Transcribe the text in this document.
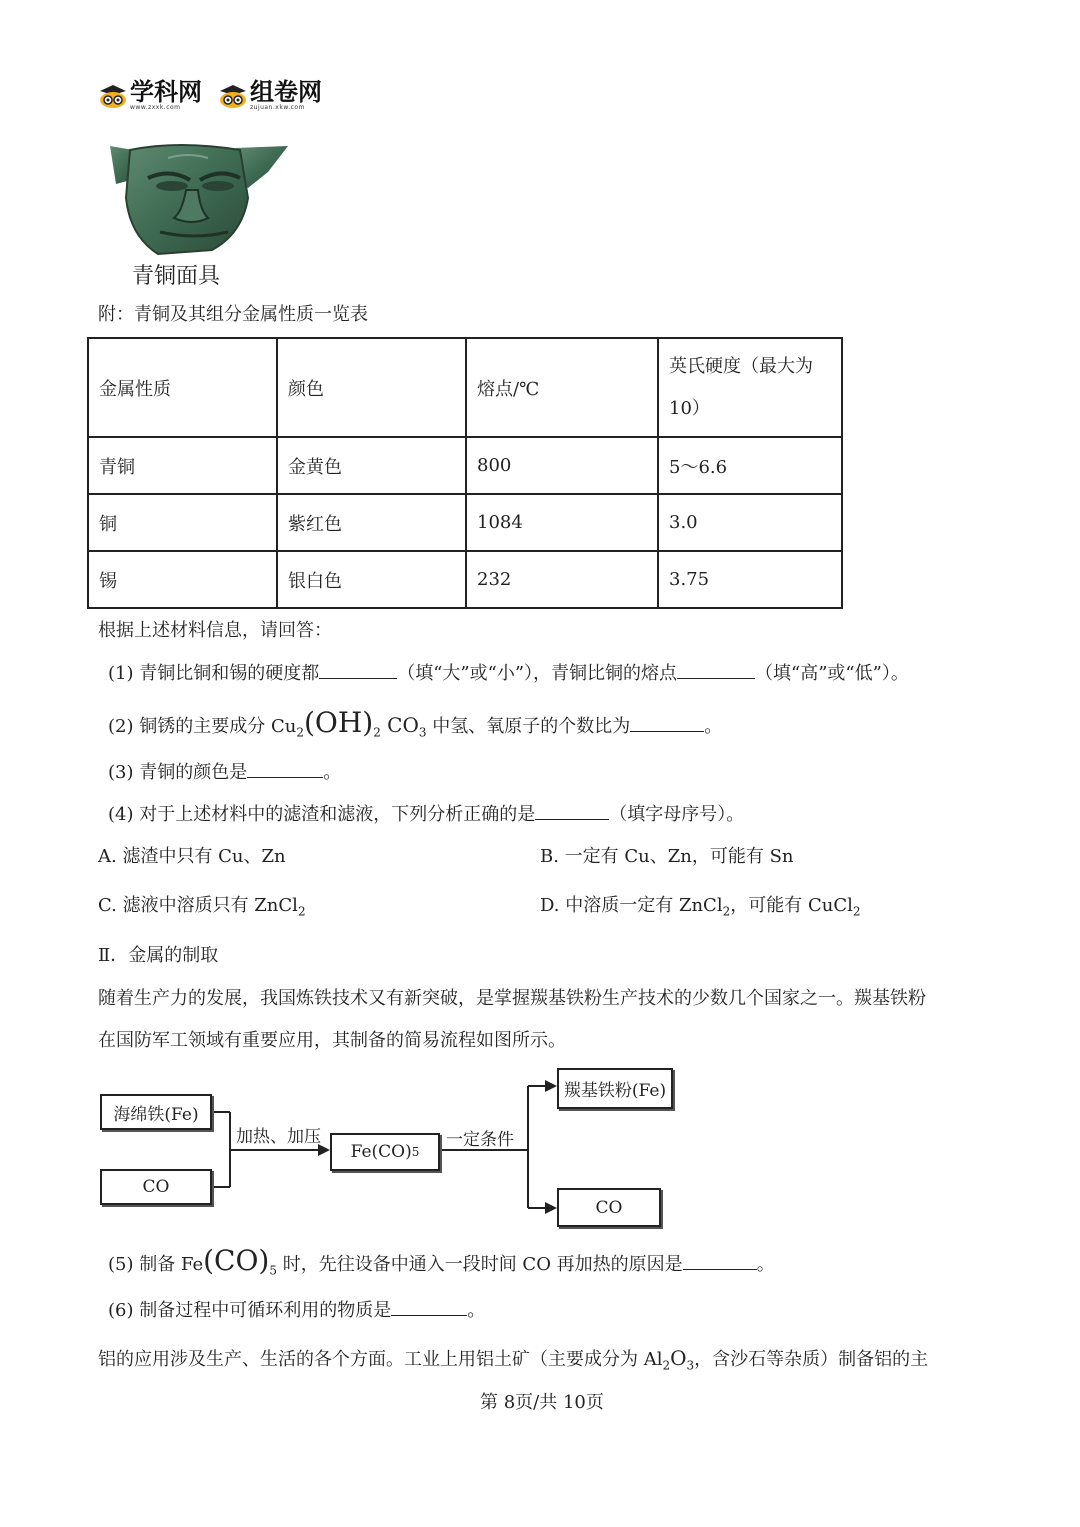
学科网
www.zxxk.com
组卷网
zujuan.xkw.com
青铜面具
附：青铜及其组分金属性质一览表
金属性质	颜色	熔点/℃	英氏硬度（最大为
10）

青铜	金黄色	800	5～6.6
铜	紫红色	1084	3.0
锡	银白色	232	3.75
根据上述材料信息，请回答：
(1) 青铜比铜和锡的硬度都	（填“大”或“小”），青铜比铜的熔点	（填“高”或“低”）。
(2) 铜锈的主要成分 $Cu_2(OH)_2$ $CO_3$ 中氢、氧原子的个数比为	。
(3) 青铜的颜色是	。
(4) 对于上述材料中的滤渣和滤液，下列分析正确的是	（填字母序号）。
A. 滤渣中只有 Cu、Zn	B. 一定有 Cu、Zn，可能有 Sn
C. 滤液中溶质只有 ZnCl$_2$	D. 中溶质一定有 ZnCl$_2$，可能有 CuCl$_2$
Ⅱ．金属的制取
随着生产力的发展，我国炼铁技术又有新突破，是掌握羰基铁粉生产技术的少数几个国家之一。羰基铁粉
在国防军工领域有重要应用，其制备的简易流程如图所示。
海绵铁(Fe)
CO
Fe(CO) 5
羰基铁粉(Fe)
CO
加热、加压	一定条件
(5) 制备 $Fe(CO)_5$ 时，先往设备中通入一段时间 CO 再加热的原因是	。
(6) 制备过程中可循环利用的物质是	。
铝的应用涉及生产、生活的各个方面。工业上用铝土矿（主要成分为 $Al_2O_3$，含沙石等杂质）制备铝的主
第 8页/共 10页
